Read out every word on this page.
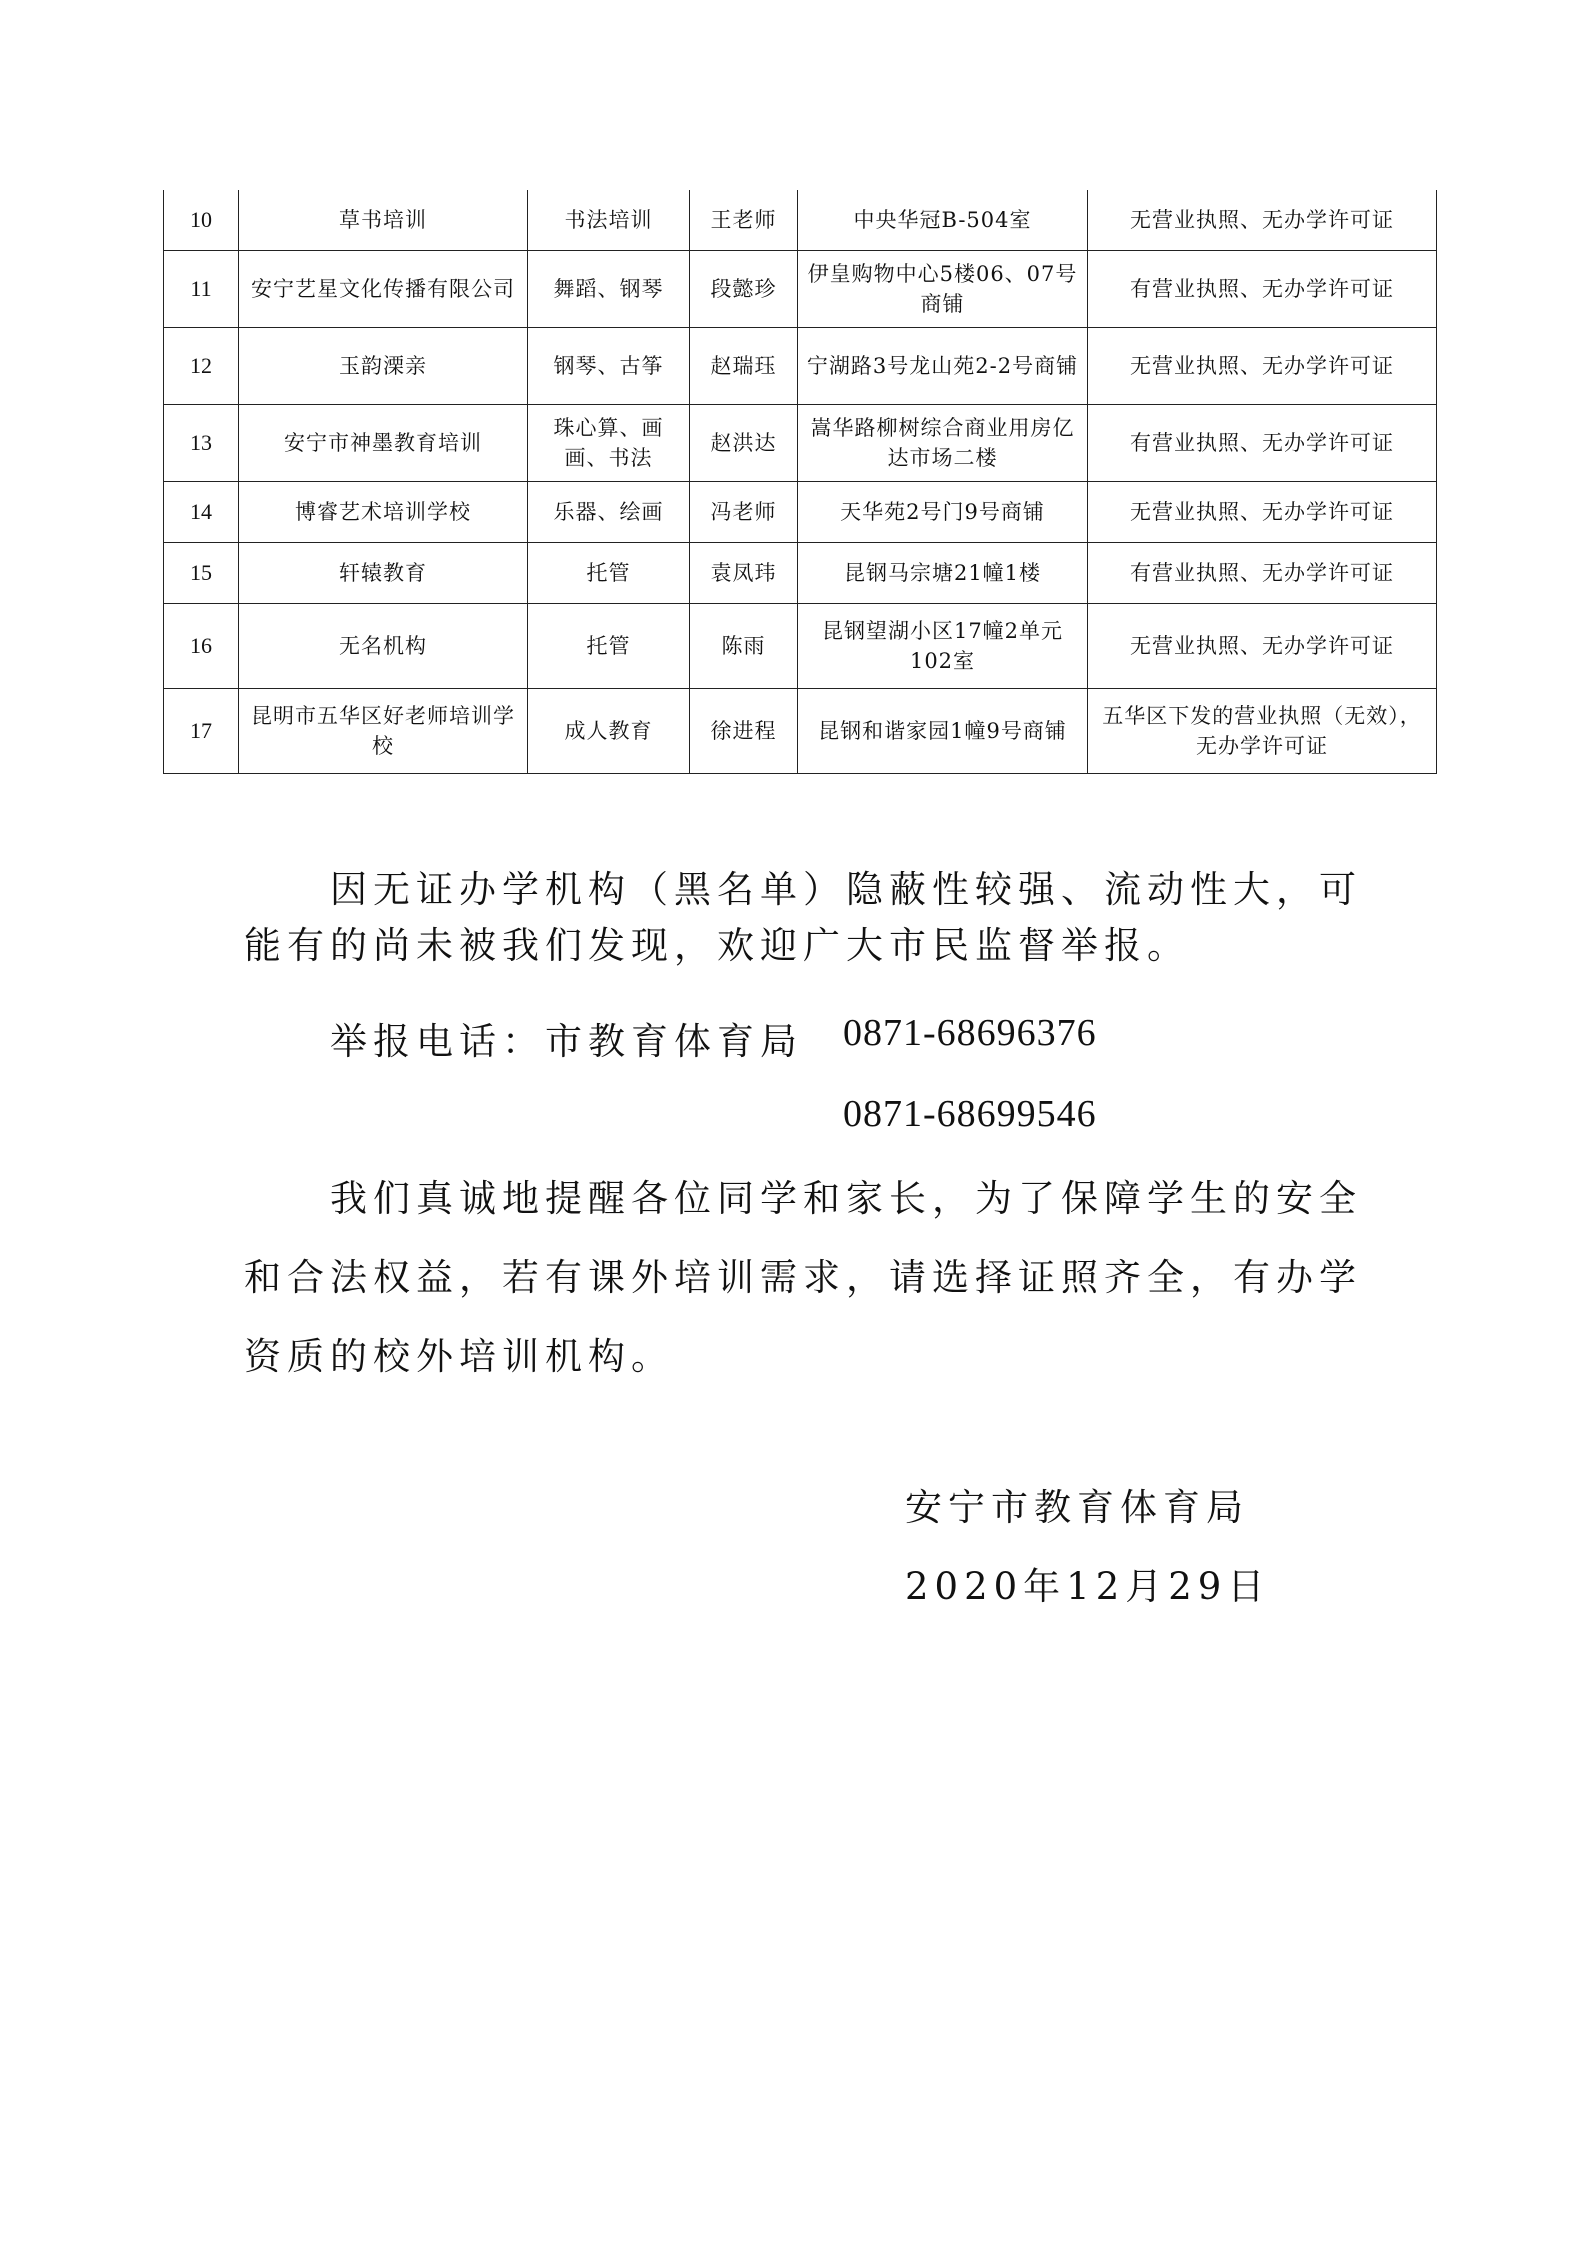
10	草书培训	书法培训	王老师	中央华冠B-504室	无营业执照、无办学许可证
11	安宁艺星文化传播有限公司	舞蹈、钢琴	段懿珍	伊皇购物中心5楼06、07号商铺	有营业执照、无办学许可证
12	玉韵溧亲	钢琴、古筝	赵瑞珏	宁湖路3号龙山苑2-2号商铺	无营业执照、无办学许可证
13	安宁市神墨教育培训	珠心算、画画、书法	赵洪达	嵩华路柳树综合商业用房亿达市场二楼	有营业执照、无办学许可证
14	博睿艺术培训学校	乐器、绘画	冯老师	天华苑2号门9号商铺	无营业执照、无办学许可证
15	轩辕教育	托管	袁凤玮	昆钢马宗塘21幢1楼	有营业执照、无办学许可证
16	无名机构	托管	陈雨	昆钢望湖小区17幢2单元102室	无营业执照、无办学许可证
17	昆明市五华区好老师培训学校	成人教育	徐进程	昆钢和谐家园1幢9号商铺	五华区下发的营业执照（无效），无办学许可证
因无证办学机构（黑名单）隐蔽性较强、流动性大，可
能有的尚未被我们发现，欢迎广大市民监督举报。
举报电话：市教育体育局 0871-68696376
0871-68699546
我们真诚地提醒各位同学和家长，为了保障学生的安全
和合法权益，若有课外培训需求，请选择证照齐全，有办学
资质的校外培训机构。
安宁市教育体育局
2020年12月29日
